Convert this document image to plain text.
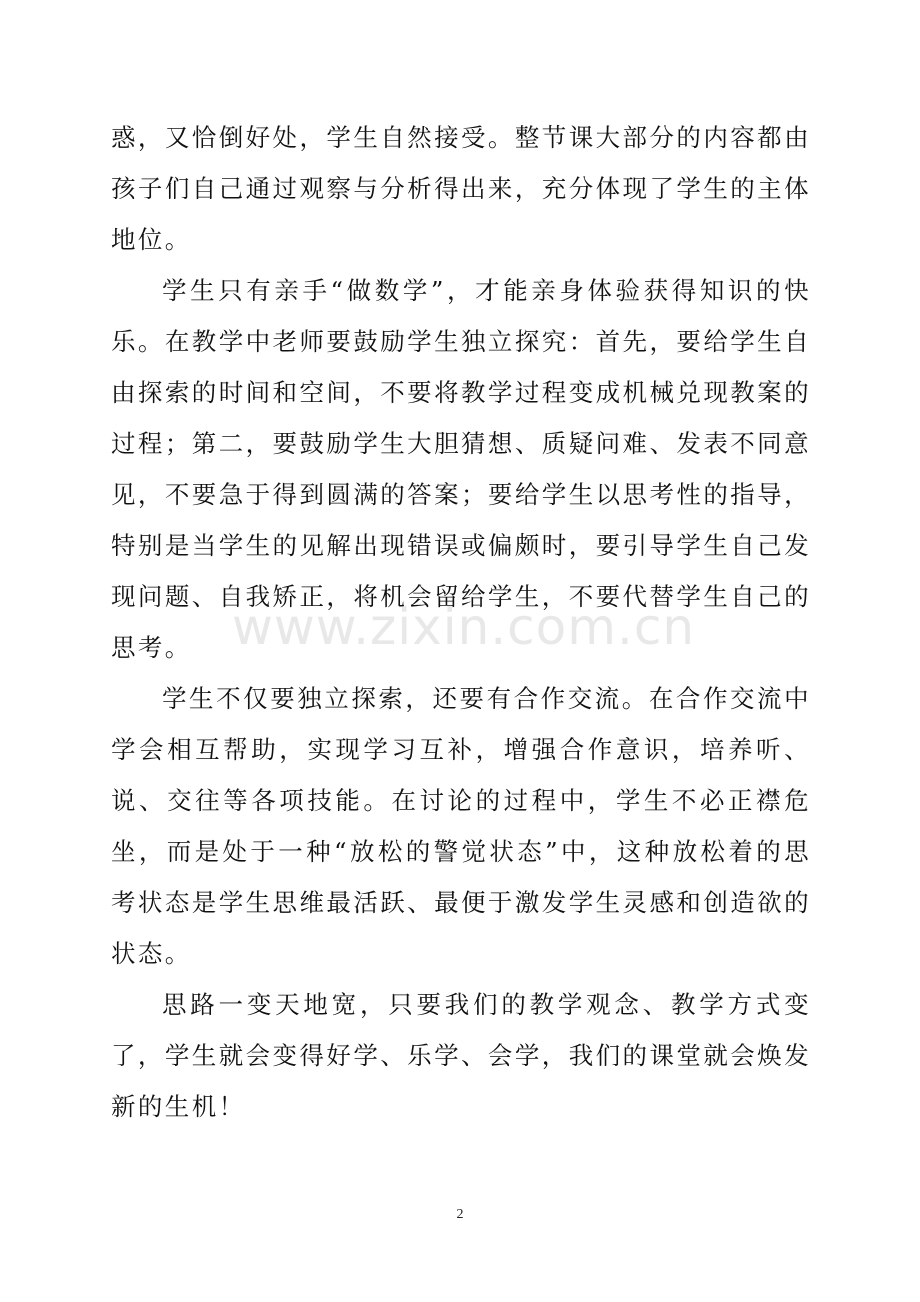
www.zixin.com.cn

惑，又恰倒好处，学生自然接受。整节课大部分的内容都由孩子们自己通过观察与分析得出来，充分体现了学生的主体地位。

学生只有亲手“做数学”，才能亲身体验获得知识的快乐。在教学中老师要鼓励学生独立探究：首先，要给学生自由探索的时间和空间，不要将教学过程变成机械兑现教案的过程；第二，要鼓励学生大胆猜想、质疑问难、发表不同意见，不要急于得到圆满的答案；要给学生以思考性的指导，特别是当学生的见解出现错误或偏颇时，要引导学生自己发现问题、自我矫正，将机会留给学生，不要代替学生自己的思考。

学生不仅要独立探索，还要有合作交流。在合作交流中学会相互帮助，实现学习互补，增强合作意识，培养听、说、交往等各项技能。在讨论的过程中，学生不必正襟危坐，而是处于一种“放松的警觉状态”中，这种放松着的思考状态是学生思维最活跃、最便于激发学生灵感和创造欲的状态。

思路一变天地宽，只要我们的教学观念、教学方式变了，学生就会变得好学、乐学、会学，我们的课堂就会焕发新的生机！

2
